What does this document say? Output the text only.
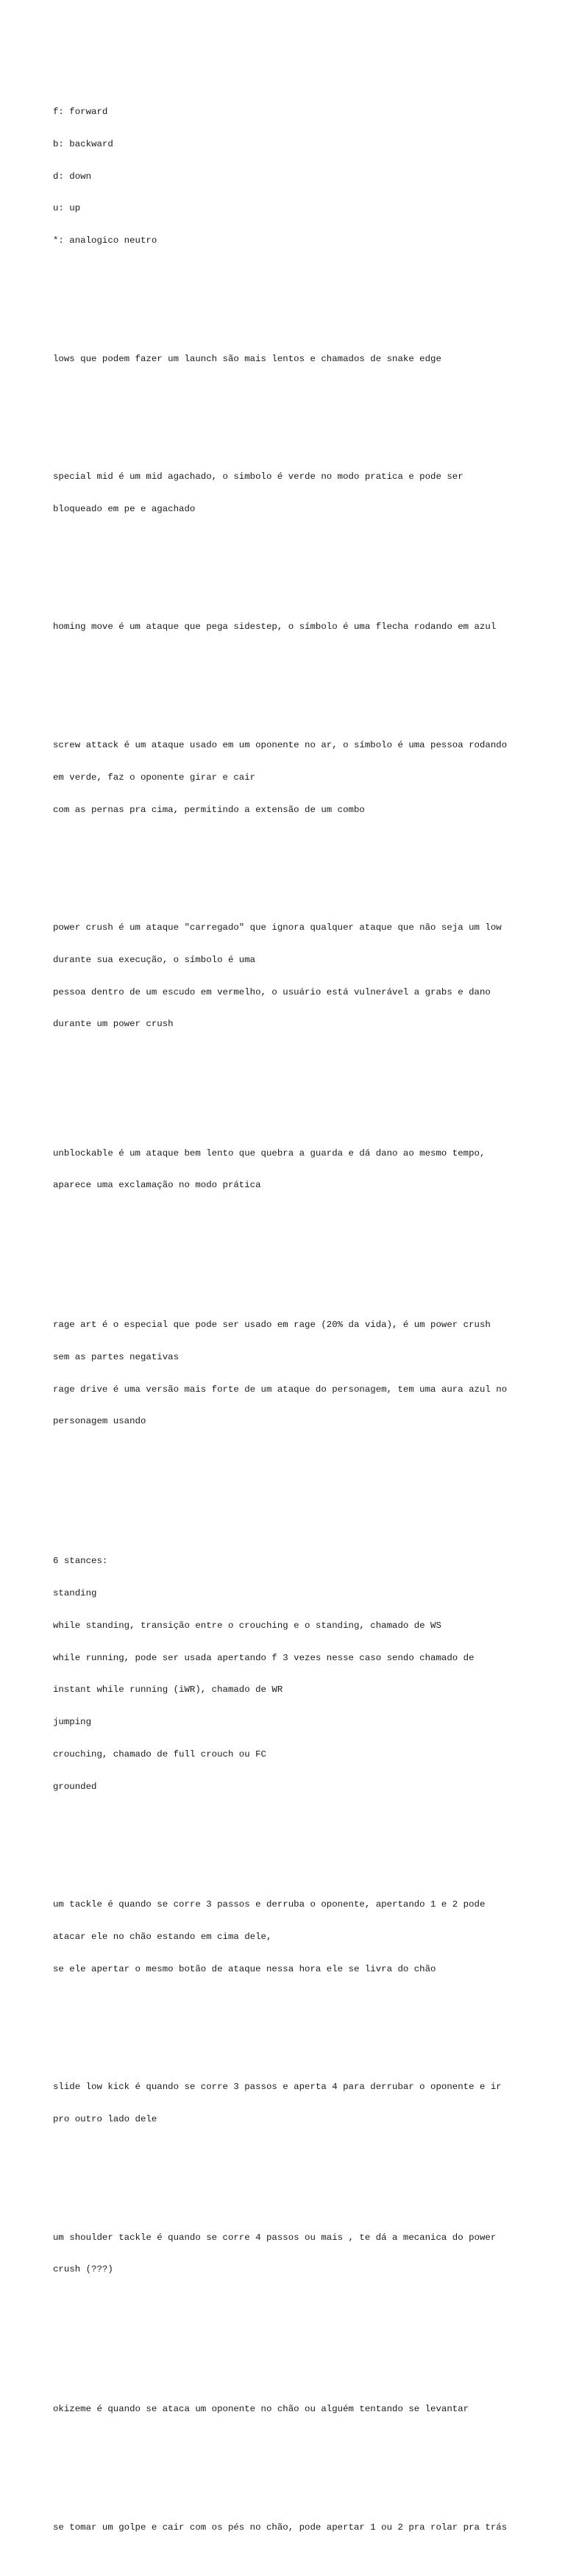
f: forward

b: backward

d: down

u: up

*: analogico neutro

lows que podem fazer um launch são mais lentos e chamados de snake edge

special mid é um mid agachado, o simbolo é verde no modo pratica e pode ser

bloqueado em pe e agachado

homing move é um ataque que pega sidestep, o símbolo é uma flecha rodando em azul

screw attack é um ataque usado em um oponente no ar, o símbolo é uma pessoa rodando

em verde, faz o oponente girar e cair

com as pernas pra cima, permitindo a extensão de um combo

power crush é um ataque "carregado" que ignora qualquer ataque que não seja um low

durante sua execução, o símbolo é uma

pessoa dentro de um escudo em vermelho, o usuário está vulnerável a grabs e dano

durante um power crush

unblockable é um ataque bem lento que quebra a guarda e dá dano ao mesmo tempo,

aparece uma exclamação no modo prática

rage art é o especial que pode ser usado em rage (20% da vida), é um power crush

sem as partes negativas

rage drive é uma versão mais forte de um ataque do personagem, tem uma aura azul no

personagem usando

6 stances:

standing

while standing, transição entre o crouching e o standing, chamado de WS

while running, pode ser usada apertando f 3 vezes nesse caso sendo chamado de

instant while running (iWR), chamado de WR

jumping

crouching, chamado de full crouch ou FC

grounded

um tackle é quando se corre 3 passos e derruba o oponente, apertando 1 e 2 pode

atacar ele no chão estando em cima dele,

se ele apertar o mesmo botão de ataque nessa hora ele se livra do chão

slide low kick é quando se corre 3 passos e aperta 4 para derrubar o oponente e ir

pro outro lado dele

um shoulder tackle é quando se corre 4 passos ou mais , te dá a mecanica do power

crush (???)

okizeme é quando se ataca um oponente no chão ou alguém tentando se levantar

se tomar um golpe e cair com os pés no chão, pode apertar 1 ou 2 pra rolar pra trás
